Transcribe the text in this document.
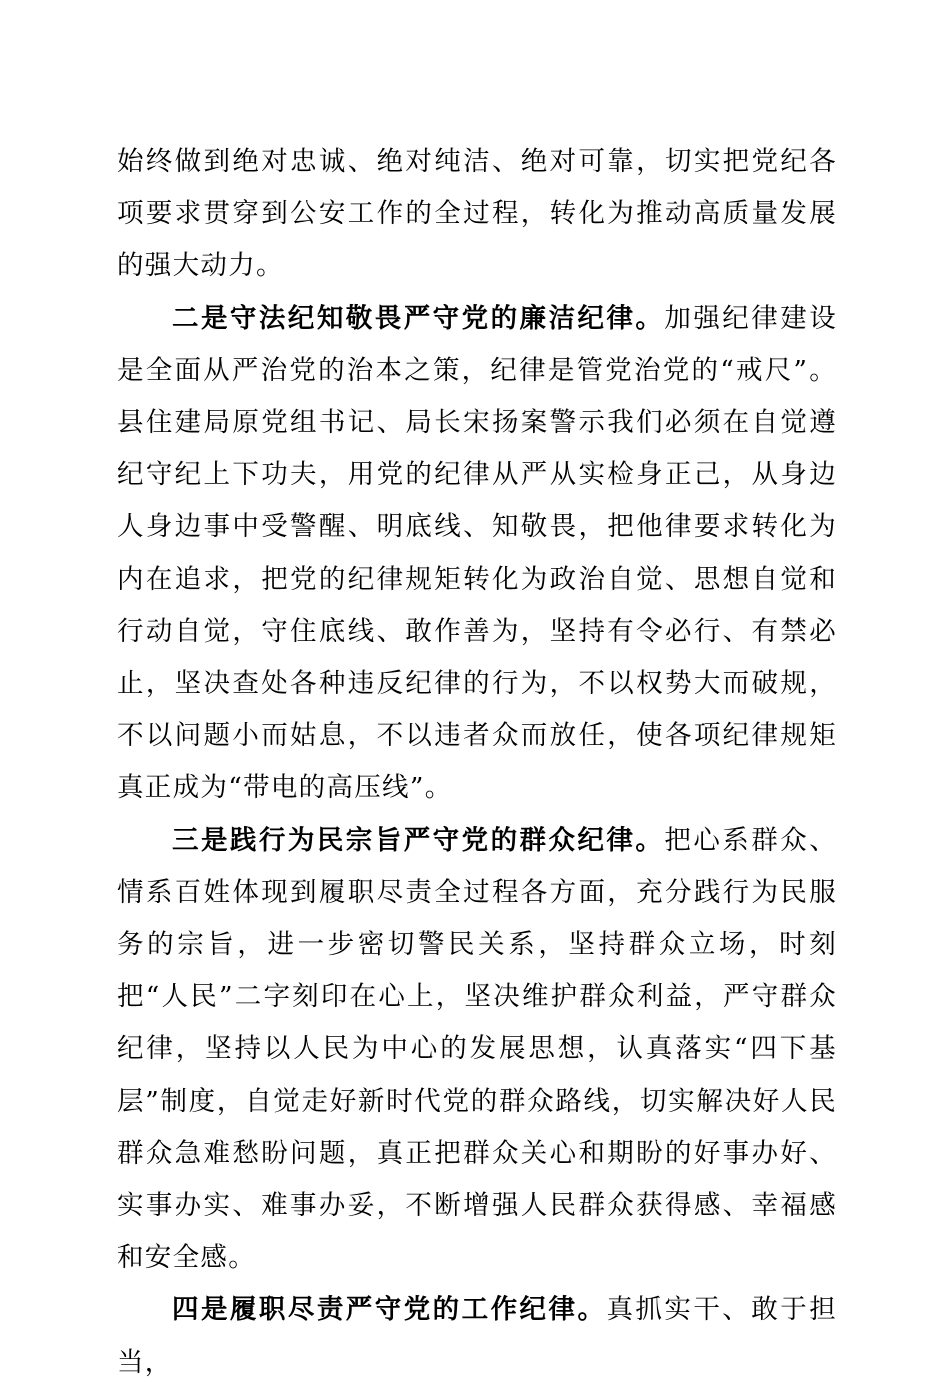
始终做到绝对忠诚、绝对纯洁、绝对可靠，切实把党纪各项要求贯穿到公安工作的全过程，转化为推动高质量发展的强大动力。

二是守法纪知敬畏严守党的廉洁纪律。加强纪律建设是全面从严治党的治本之策，纪律是管党治党的“戒尺”。县住建局原党组书记、局长宋扬案警示我们必须在自觉遵纪守纪上下功夫，用党的纪律从严从实检身正己，从身边人身边事中受警醒、明底线、知敬畏，把他律要求转化为内在追求，把党的纪律规矩转化为政治自觉、思想自觉和行动自觉，守住底线、敢作善为，坚持有令必行、有禁必止，坚决查处各种违反纪律的行为，不以权势大而破规，不以问题小而姑息，不以违者众而放任，使各项纪律规矩真正成为“带电的高压线”。

三是践行为民宗旨严守党的群众纪律。把心系群众、情系百姓体现到履职尽责全过程各方面，充分践行为民服务的宗旨，进一步密切警民关系，坚持群众立场，时刻把“人民”二字刻印在心上，坚决维护群众利益，严守群众纪律，坚持以人民为中心的发展思想，认真落实“四下基层”制度，自觉走好新时代党的群众路线，切实解决好人民群众急难愁盼问题，真正把群众关心和期盼的好事办好、实事办实、难事办妥，不断增强人民群众获得感、幸福感和安全感。

四是履职尽责严守党的工作纪律。真抓实干、敢于担当，
